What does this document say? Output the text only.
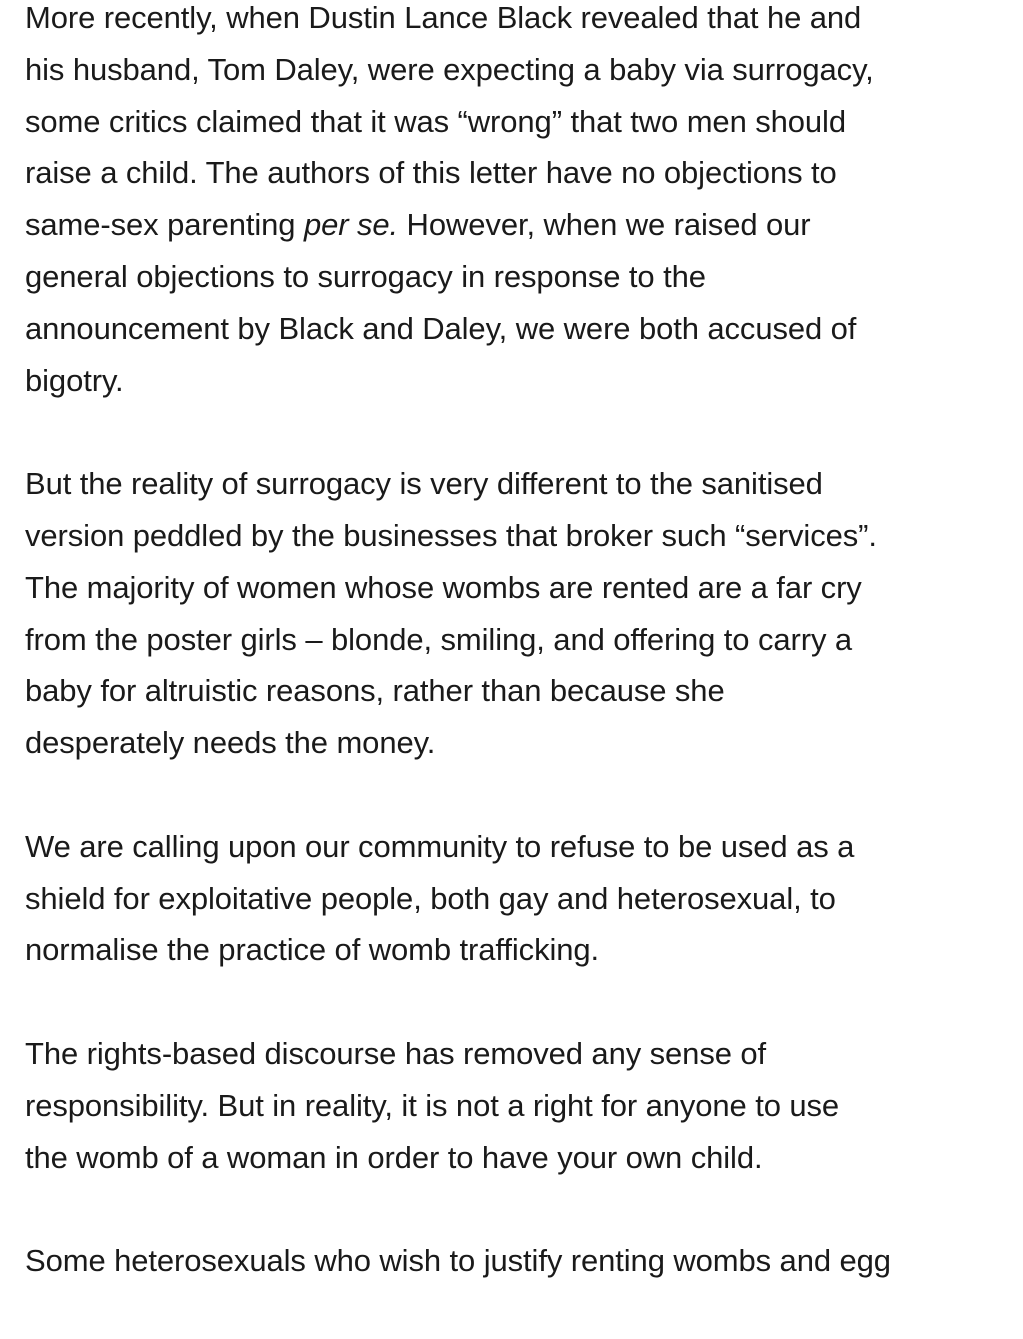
More recently, when Dustin Lance Black revealed that he and
his husband, Tom Daley, were expecting a baby via surrogacy,
some critics claimed that it was “wrong” that two men should
raise a child. The authors of this letter have no objections to
same-sex parenting per se. However, when we raised our
general objections to surrogacy in response to the
announcement by Black and Daley, we were both accused of
bigotry.
But the reality of surrogacy is very different to the sanitised
version peddled by the businesses that broker such “services”.
The majority of women whose wombs are rented are a far cry
from the poster girls – blonde, smiling, and offering to carry a
baby for altruistic reasons, rather than because she
desperately needs the money.
We are calling upon our community to refuse to be used as a
shield for exploitative people, both gay and heterosexual, to
normalise the practice of womb trafficking.
The rights-based discourse has removed any sense of
responsibility. But in reality, it is not a right for anyone to use
the womb of a woman in order to have your own child.
Some heterosexuals who wish to justify renting wombs and egg
